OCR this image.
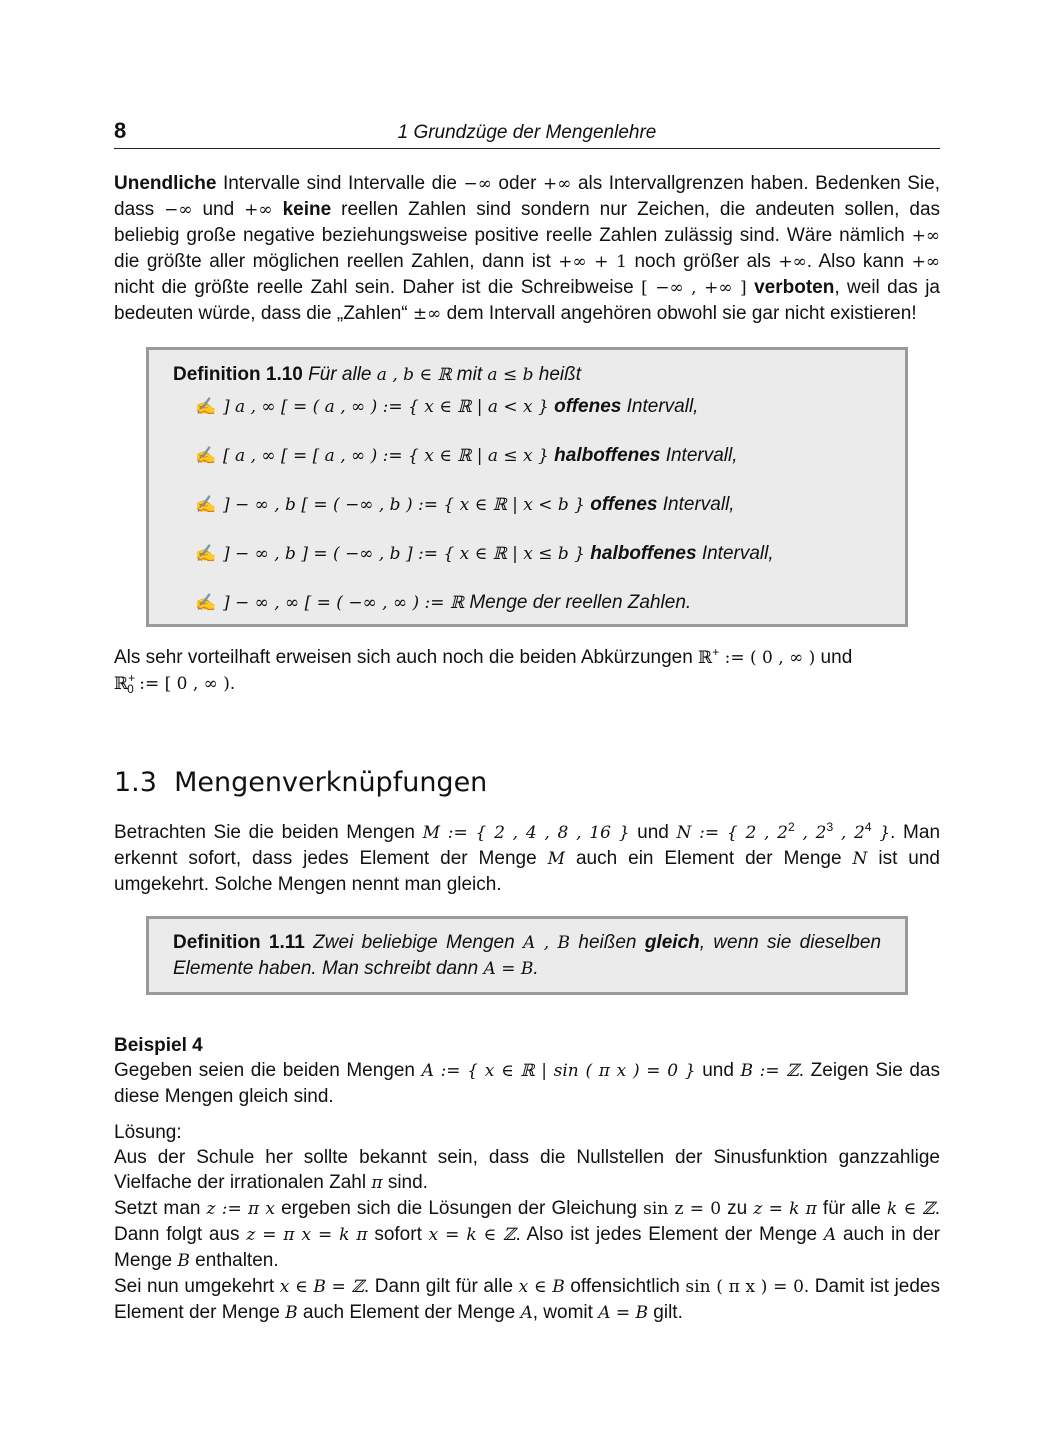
8	1 Grundzüge der Mengenlehre

Unendliche Intervalle sind Intervalle die −∞ oder +∞ als Intervallgrenzen haben. Bedenken Sie, dass −∞ und +∞ keine reellen Zahlen sind sondern nur Zeichen, die andeuten sollen, das beliebig große negative beziehungsweise positive reelle Zahlen zulässig sind. Wäre nämlich +∞ die größte aller möglichen reellen Zahlen, dann ist +∞ + 1 noch größer als +∞. Also kann +∞ nicht die größte reelle Zahl sein. Daher ist die Schreibweise [ −∞ , +∞ ] verboten, weil das ja bedeuten würde, dass die „Zahlen“ ±∞ dem Intervall angehören obwohl sie gar nicht existieren!

Definition 1.10 Für alle a , b ∈ ℝ mit a ≤ b heißt
✍ ] a , ∞ [ = ( a , ∞ ) := { x ∈ ℝ | a < x } offenes Intervall,
✍ [ a , ∞ [ = [ a , ∞ ) := { x ∈ ℝ | a ≤ x } halboffenes Intervall,
✍ ] − ∞ , b [ = ( −∞ , b ) := { x ∈ ℝ | x < b } offenes Intervall,
✍ ] − ∞ , b ] = ( −∞ , b ] := { x ∈ ℝ | x ≤ b } halboffenes Intervall,
✍ ] − ∞ , ∞ [ = ( −∞ , ∞ ) := ℝ Menge der reellen Zahlen.

Als sehr vorteilhaft erweisen sich auch noch die beiden Abkürzungen ℝ+ := ( 0 , ∞ ) und
ℝ+$_0$ := [ 0 , ∞ ).

1.3 Mengenverknüpfungen

Betrachten Sie die beiden Mengen M := { 2 , 4 , 8 , 16 } und N := { 2 , $2^2$ , $2^3$ , $2^4$ }. Man erkennt sofort, dass jedes Element der Menge M auch ein Element der Menge N ist und umgekehrt. Solche Mengen nennt man gleich.

Definition 1.11 Zwei beliebige Mengen A , B heißen gleich, wenn sie dieselben Elemente haben. Man schreibt dann A = B.

Beispiel 4

Gegeben seien die beiden Mengen A := { x ∈ ℝ | sin ( π x ) = 0 } und B := ℤ. Zeigen Sie das diese Mengen gleich sind.

Lösung:

Aus der Schule her sollte bekannt sein, dass die Nullstellen der Sinusfunktion ganzzahlige Vielfache der irrationalen Zahl π sind.

Setzt man z := π x ergeben sich die Lösungen der Gleichung sin z = 0 zu z = k π für alle k ∈ ℤ. Dann folgt aus z = π x = k π sofort x = k ∈ ℤ. Also ist jedes Element der Menge A auch in der Menge B enthalten.

Sei nun umgekehrt x ∈ B = ℤ. Dann gilt für alle x ∈ B offensichtlich sin ( π x ) = 0. Damit ist jedes Element der Menge B auch Element der Menge A, womit A = B gilt.
